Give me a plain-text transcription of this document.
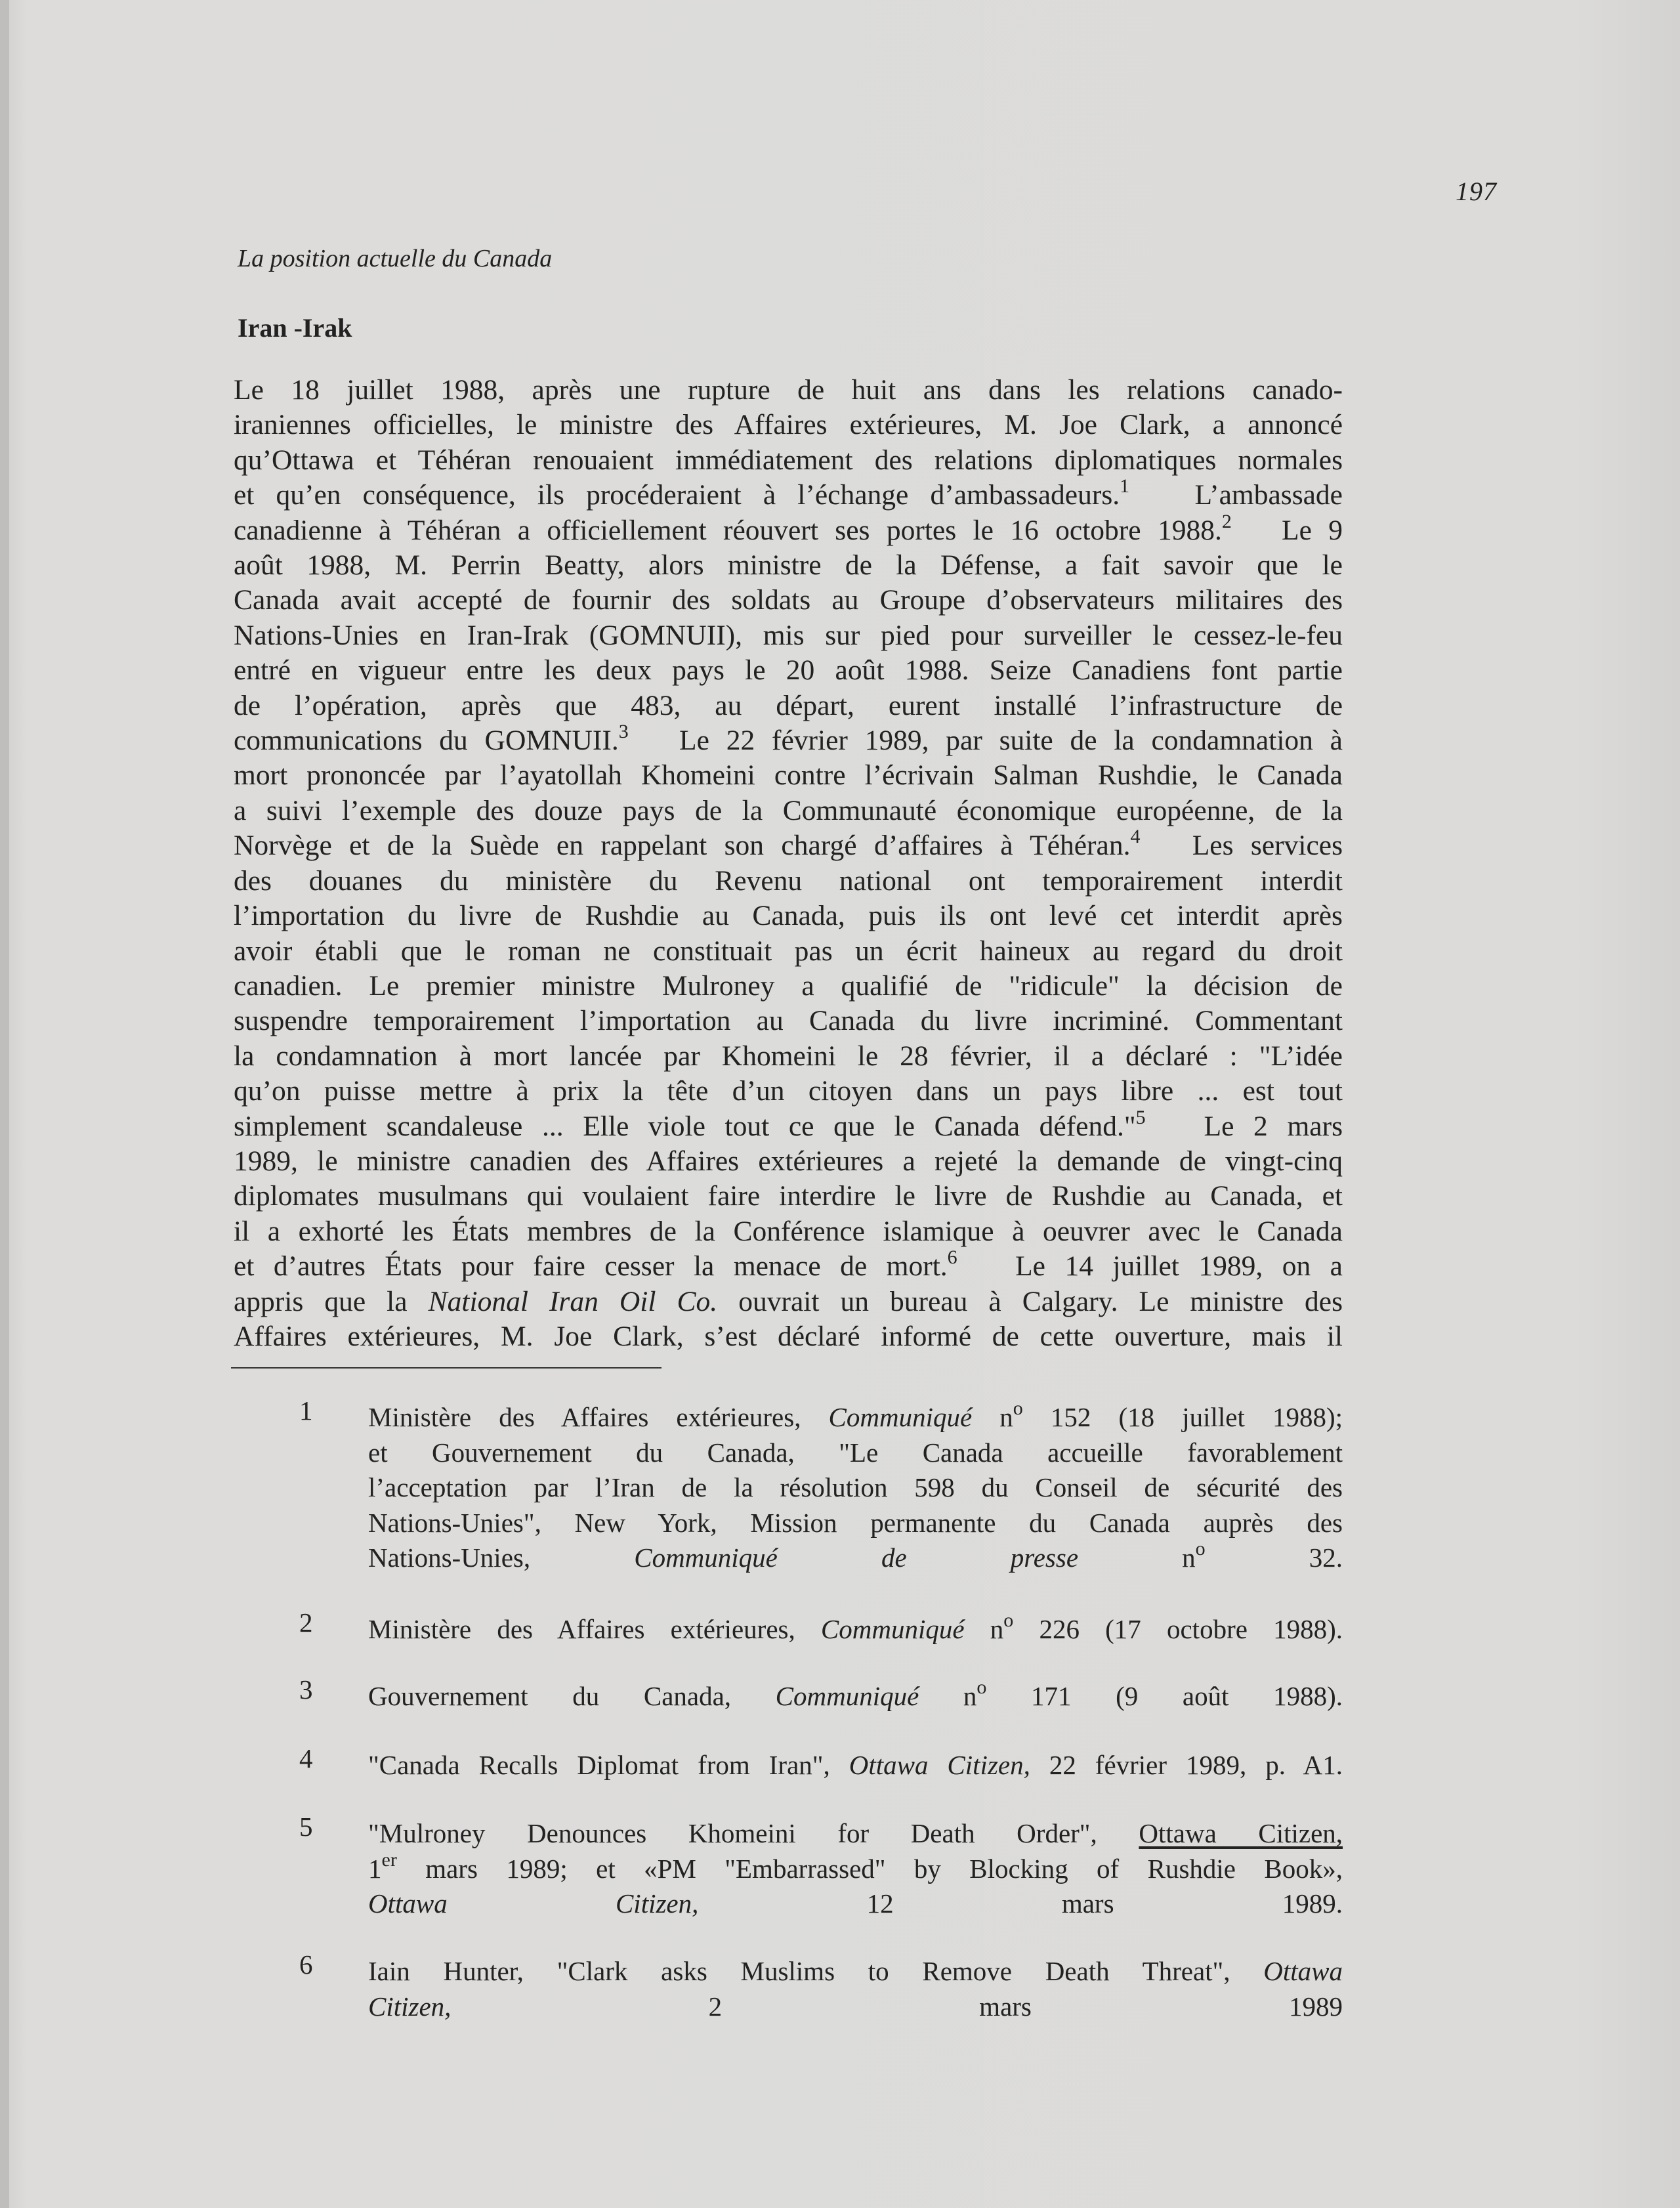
197
La position actuelle du Canada
Iran -Irak
Le 18 juillet 1988, après une rupture de huit ans dans les relations canado-
iraniennes officielles, le ministre des Affaires extérieures, M. Joe Clark, a annoncé
qu’Ottawa et Téhéran renouaient immédiatement des relations diplomatiques normales
et qu’en conséquence, ils procéderaient à l’échange d’ambassadeurs.$^1$ L’ambassade
canadienne à Téhéran a officiellement réouvert ses portes le 16 octobre 1988.$^2$ Le 9
août 1988, M. Perrin Beatty, alors ministre de la Défense, a fait savoir que le
Canada avait accepté de fournir des soldats au Groupe d’observateurs militaires des
Nations-Unies en Iran-Irak (GOMNUII), mis sur pied pour surveiller le cessez-le-feu
entré en vigueur entre les deux pays le 20 août 1988. Seize Canadiens font partie
de l’opération, après que 483, au départ, eurent installé l’infrastructure de
communications du GOMNUII.$^3$ Le 22 février 1989, par suite de la condamnation à
mort prononcée par l’ayatollah Khomeini contre l’écrivain Salman Rushdie, le Canada
a suivi l’exemple des douze pays de la Communauté économique européenne, de la
Norvège et de la Suède en rappelant son chargé d’affaires à Téhéran.$^4$ Les services
des douanes du ministère du Revenu national ont temporairement interdit
l’importation du livre de Rushdie au Canada, puis ils ont levé cet interdit après
avoir établi que le roman ne constituait pas un écrit haineux au regard du droit
canadien. Le premier ministre Mulroney a qualifié de "ridicule" la décision de
suspendre temporairement l’importation au Canada du livre incriminé. Commentant
la condamnation à mort lancée par Khomeini le 28 février, il a déclaré : "L’idée
qu’on puisse mettre à prix la tête d’un citoyen dans un pays libre ... est tout
simplement scandaleuse ... Elle viole tout ce que le Canada défend."$^5$ Le 2 mars
1989, le ministre canadien des Affaires extérieures a rejeté la demande de vingt-cinq
diplomates musulmans qui voulaient faire interdire le livre de Rushdie au Canada, et
il a exhorté les États membres de la Conférence islamique à oeuvrer avec le Canada
et d’autres États pour faire cesser la menace de mort.$^6$ Le 14 juillet 1989, on a
appris que la National Iran Oil Co. ouvrait un bureau à Calgary. Le ministre des
Affaires extérieures, M. Joe Clark, s’est déclaré informé de cette ouverture, mais il
1	Ministère des Affaires extérieures, Communiqué $n^o$ 152 (18 juillet 1988);
et Gouvernement du Canada, "Le Canada accueille favorablement
l’acceptation par l’Iran de la résolution 598 du Conseil de sécurité des
Nations-Unies", New York, Mission permanente du Canada auprès des
Nations-Unies,	Communiqué de presse	$n^o$	32.
2	Ministère des Affaires extérieures, Communiqué $n^o$ 226 (17 octobre 1988).
3	Gouvernement du Canada, Communiqué $n^o$ 171 (9 août 1988).
4	"Canada Recalls Diplomat from Iran", Ottawa Citizen, 22 février 1989, p. A1.
5	"Mulroney Denounces Khomeini for Death Order", Ottawa Citizen,
1er mars 1989; et «PM "Embarrassed" by Blocking of Rushdie Book»,
Ottawa Citizen,	12 mars 1989.
6	Iain Hunter, "Clark asks Muslims to Remove Death Threat", Ottawa
Citizen,	2 mars 1989
